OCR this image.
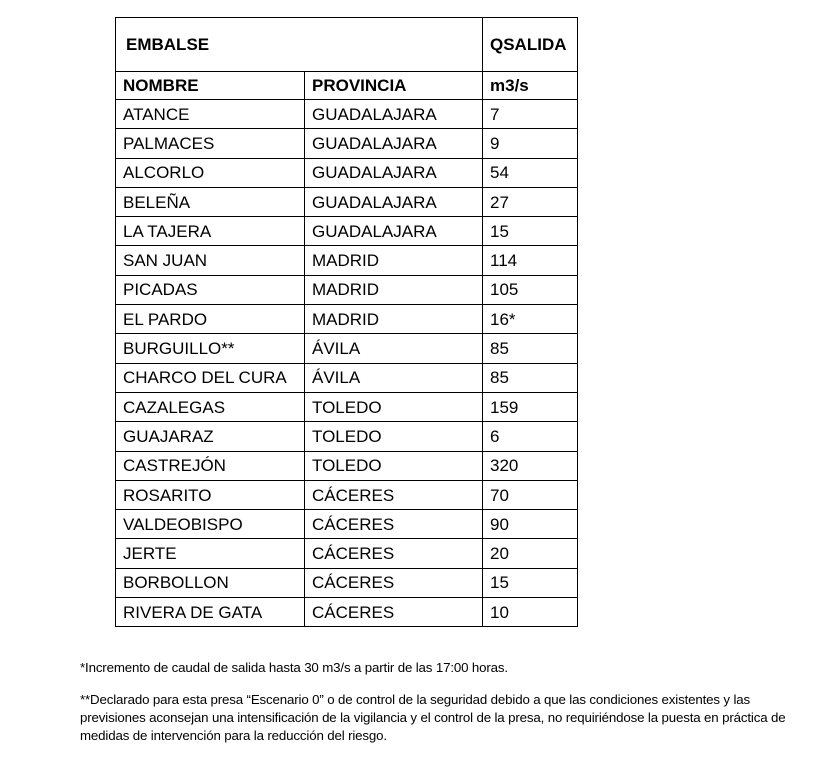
EMBALSE		QSALIDA
NOMBRE	PROVINCIA	m3/s
ATANCE	GUADALAJARA	7
PALMACES	GUADALAJARA	9
ALCORLO	GUADALAJARA	54
BELEÑA	GUADALAJARA	27
LA TAJERA	GUADALAJARA	15
SAN JUAN	MADRID	114
PICADAS	MADRID	105
EL PARDO	MADRID	16*
BURGUILLO**	ÁVILA	85
CHARCO DEL CURA	ÁVILA	85
CAZALEGAS	TOLEDO	159
GUAJARAZ	TOLEDO	6
CASTREJÓN	TOLEDO	320
ROSARITO	CÁCERES	70
VALDEOBISPO	CÁCERES	90
JERTE	CÁCERES	20
BORBOLLON	CÁCERES	15
RIVERA DE GATA	CÁCERES	10

*Incremento de caudal de salida hasta 30 m3/s a partir de las 17:00 horas.

**Declarado para esta presa “Escenario 0” o de control de la seguridad debido a que las condiciones existentes y las previsiones aconsejan una intensificación de la vigilancia y el control de la presa, no requiriéndose la puesta en práctica de medidas de intervención para la reducción del riesgo.
